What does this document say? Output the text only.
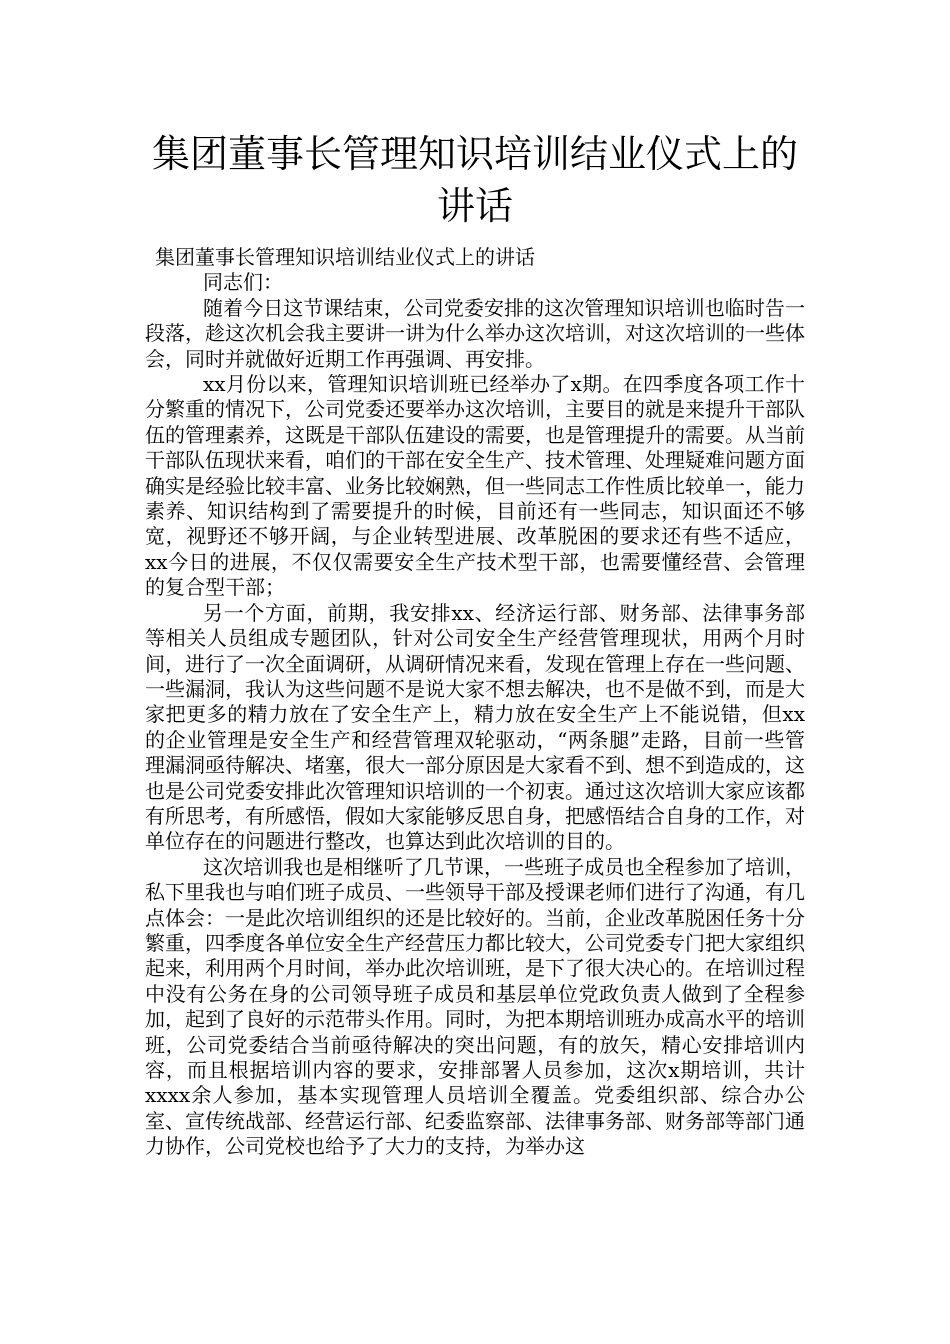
集团董事长管理知识培训结业仪式上的讲话

集团董事长管理知识培训结业仪式上的讲话

同志们：

随着今日这节课结束，公司党委安排的这次管理知识培训也临时告一段落，趁这次机会我主要讲一讲为什么举办这次培训，对这次培训的一些体会，同时并就做好近期工作再强调、再安排。

xx月份以来，管理知识培训班已经举办了x期。在四季度各项工作十分繁重的情况下，公司党委还要举办这次培训，主要目的就是来提升干部队伍的管理素养，这既是干部队伍建设的需要，也是管理提升的需要。从当前干部队伍现状来看，咱们的干部在安全生产、技术管理、处理疑难问题方面确实是经验比较丰富、业务比较娴熟，但一些同志工作性质比较单一，能力素养、知识结构到了需要提升的时候，目前还有一些同志，知识面还不够宽，视野还不够开阔，与企业转型进展、改革脱困的要求还有些不适应，xx今日的进展，不仅仅需要安全生产技术型干部，也需要懂经营、会管理的复合型干部；

另一个方面，前期，我安排xx、经济运行部、财务部、法律事务部等相关人员组成专题团队，针对公司安全生产经营管理现状，用两个月时间，进行了一次全面调研，从调研情况来看，发现在管理上存在一些问题、一些漏洞，我认为这些问题不是说大家不想去解决，也不是做不到，而是大家把更多的精力放在了安全生产上，精力放在安全生产上不能说错，但xx的企业管理是安全生产和经营管理双轮驱动，“两条腿”走路，目前一些管理漏洞亟待解决、堵塞，很大一部分原因是大家看不到、想不到造成的，这也是公司党委安排此次管理知识培训的一个初衷。通过这次培训大家应该都有所思考，有所感悟，假如大家能够反思自身，把感悟结合自身的工作，对单位存在的问题进行整改，也算达到此次培训的目的。

这次培训我也是相继听了几节课，一些班子成员也全程参加了培训，私下里我也与咱们班子成员、一些领导干部及授课老师们进行了沟通，有几点体会：一是此次培训组织的还是比较好的。当前，企业改革脱困任务十分繁重，四季度各单位安全生产经营压力都比较大，公司党委专门把大家组织起来，利用两个月时间，举办此次培训班，是下了很大决心的。在培训过程中没有公务在身的公司领导班子成员和基层单位党政负责人做到了全程参加，起到了良好的示范带头作用。同时，为把本期培训班办成高水平的培训班，公司党委结合当前亟待解决的突出问题，有的放矢，精心安排培训内容，而且根据培训内容的要求，安排部署人员参加，这次x期培训，共计xxxx余人参加，基本实现管理人员培训全覆盖。党委组织部、综合办公室、宣传统战部、经营运行部、纪委监察部、法律事务部、财务部等部门通力协作，公司党校也给予了大力的支持，为举办这
